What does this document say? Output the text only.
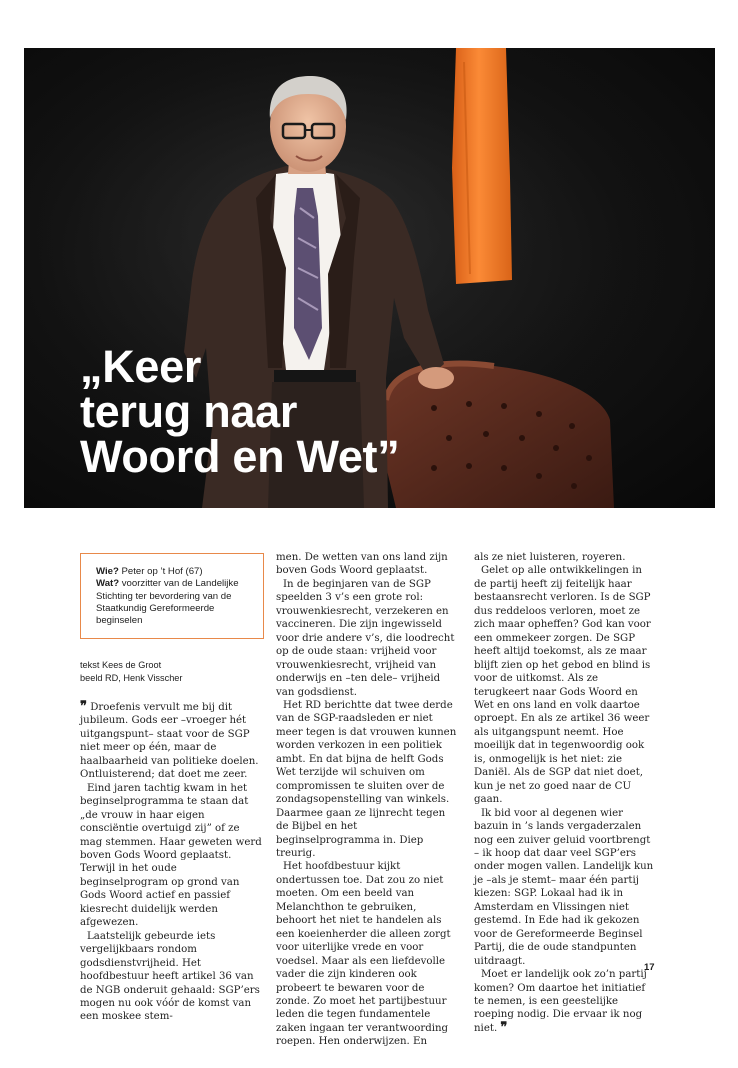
„Keer
terug naar
Woord en Wet”
Wie? Peter op ’t Hof (67)
Wat? voorzitter van de Landelijke Stichting ter bevordering van de Staatkundig Gereformeerde beginselen
tekst Kees de Groot
beeld RD, Henk Visscher

❞ Droefenis vervult me bij dit jubileum. Gods eer –vroeger hét uitgangspunt– staat voor de SGP niet meer op één, maar de haalbaarheid van politieke doelen. Ontluisterend; dat doet me zeer.

Eind jaren tachtig kwam in het beginselprogramma te staan dat „de vrouw in haar eigen consciëntie overtuigd zij” of ze mag stemmen. Haar geweten werd boven Gods Woord geplaatst. Terwijl in het oude beginselprogram op grond van Gods Woord actief en passief kiesrecht duidelijk werden afgewezen.

Laatstelijk gebeurde iets vergelijkbaars rondom godsdienstvrijheid. Het hoofdbestuur heeft artikel 36 van de NGB onderuit gehaald: SGP’ers mogen nu ook vóór de komst van een moskee stem-

men. De wetten van ons land zijn boven Gods Woord geplaatst.

In de beginjaren van de SGP speelden 3 v’s een grote rol: vrouwenkiesrecht, verzekeren en vaccineren. Die zijn ingewisseld voor drie andere v’s, die loodrecht op de oude staan: vrijheid voor vrouwenkiesrecht, vrijheid van onderwijs en –ten dele– vrijheid van godsdienst.

Het RD berichtte dat twee derde van de SGP-raadsleden er niet meer tegen is dat vrouwen kunnen worden verkozen in een politiek ambt. En dat bijna de helft Gods Wet terzijde wil schuiven om compromissen te sluiten over de zondagsopenstelling van winkels. Daarmee gaan ze lijnrecht tegen de Bijbel en het beginselprogramma in. Diep treurig.

Het hoofdbestuur kijkt ondertussen toe. Dat zou zo niet moeten. Om een beeld van Melanchthon te gebruiken, behoort het niet te handelen als een koeienherder die alleen zorgt voor uiterlijke vrede en voor voedsel. Maar als een liefdevolle vader die zijn kinderen ook probeert te bewaren voor de zonde. Zo moet het partijbestuur leden die tegen fundamentele zaken ingaan ter verantwoording roepen. Hen onderwijzen. En

als ze niet luisteren, royeren.

Gelet op alle ontwikkelingen in de partij heeft zij feitelijk haar bestaansrecht verloren. Is de SGP dus reddeloos verloren, moet ze zich maar opheffen? God kan voor een ommekeer zorgen. De SGP heeft altijd toekomst, als ze maar blijft zien op het gebod en blind is voor de uitkomst. Als ze terugkeert naar Gods Woord en Wet en ons land en volk daartoe oproept. En als ze artikel 36 weer als uitgangspunt neemt. Hoe moeilijk dat in tegenwoordig ook is, onmogelijk is het niet: zie Daniël. Als de SGP dat niet doet, kun je net zo goed naar de CU gaan.

Ik bid voor al degenen wier bazuin in ’s lands vergaderzalen nog een zuiver geluid voortbrengt – ik hoop dat daar veel SGP’ers onder mogen vallen. Landelijk kun je –als je stemt– maar één partij kiezen: SGP. Lokaal had ik in Amsterdam en Vlissingen niet gestemd. In Ede had ik gekozen voor de Gereformeerde Beginsel Partij, die de oude standpunten uitdraagt.

Moet er landelijk ook zo’n partij komen? Om daartoe het initiatief te nemen, is een geestelijke roeping nodig. Die ervaar ik nog niet. ❞

17
